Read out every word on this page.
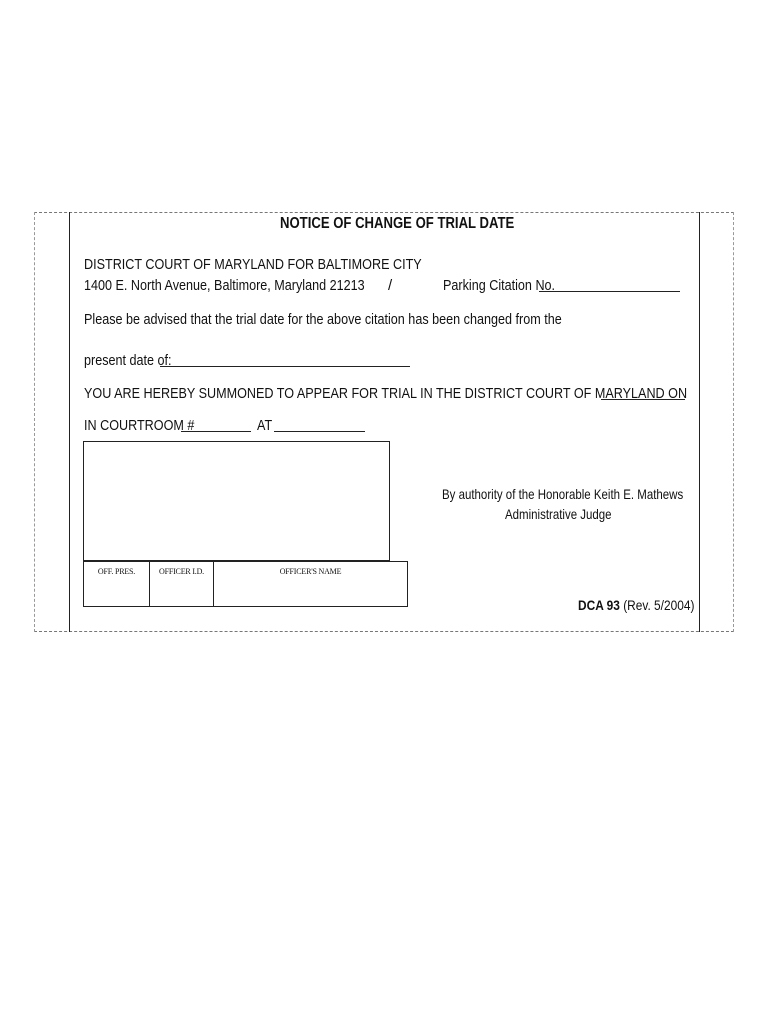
NOTICE OF CHANGE OF TRIAL DATE
DISTRICT COURT OF MARYLAND FOR BALTIMORE CITY
1400 E. North Avenue, Baltimore, Maryland 21213 /	Parking Citation No.
Please be advised that the trial date for the above citation has been changed from the
present date of:
YOU ARE HEREBY SUMMONED TO APPEAR FOR TRIAL IN THE DISTRICT COURT OF MARYLAND ON
IN COURTROOM #	AT
OFF. PRES.	OFFICER I.D.	OFFICER'S NAME
By authority of the Honorable Keith E. Mathews
Administrative Judge
DCA 93 (Rev. 5/2004)
